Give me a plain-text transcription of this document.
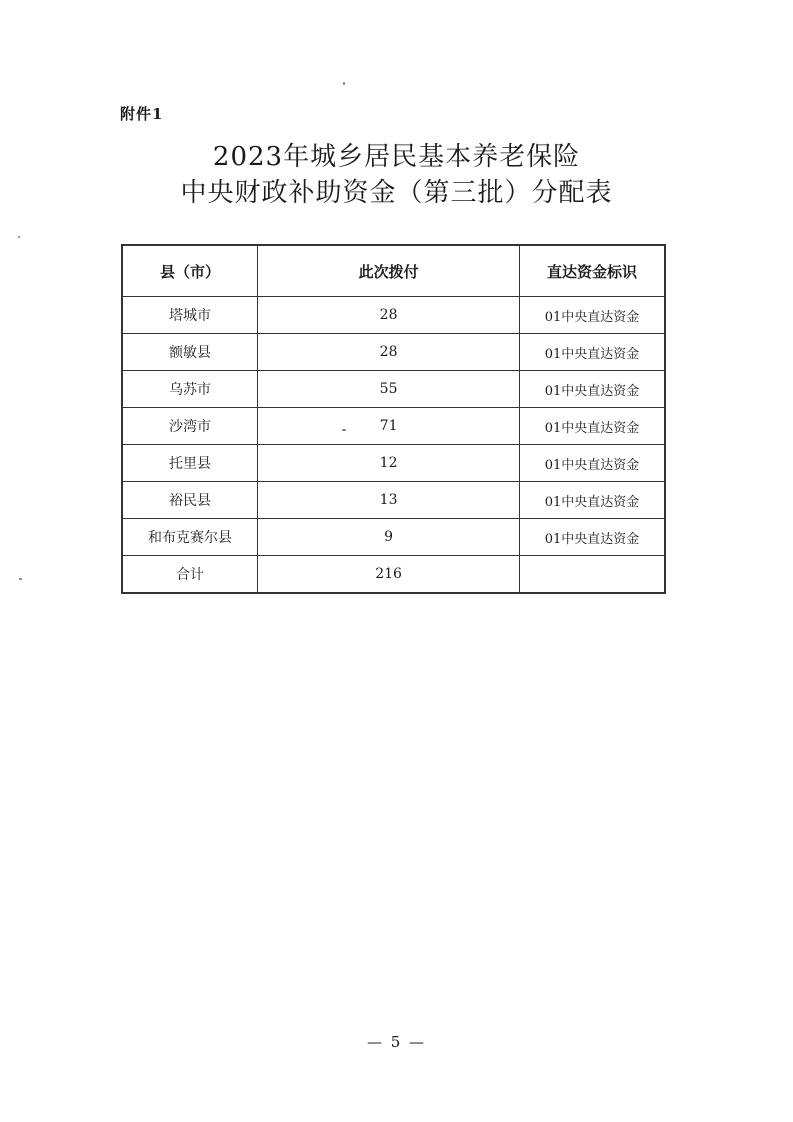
附件1
2023年城乡居民基本养老保险
中央财政补助资金（第三批）分配表
县（市）	此次拨付	直达资金标识
塔城市	28	01中央直达资金
额敏县	28	01中央直达资金
乌苏市	55	01中央直达资金
沙湾市	71	01中央直达资金
托里县	12	01中央直达资金
裕民县	13	01中央直达资金
和布克赛尔县	9	01中央直达资金
合计	216	
— 5 —
